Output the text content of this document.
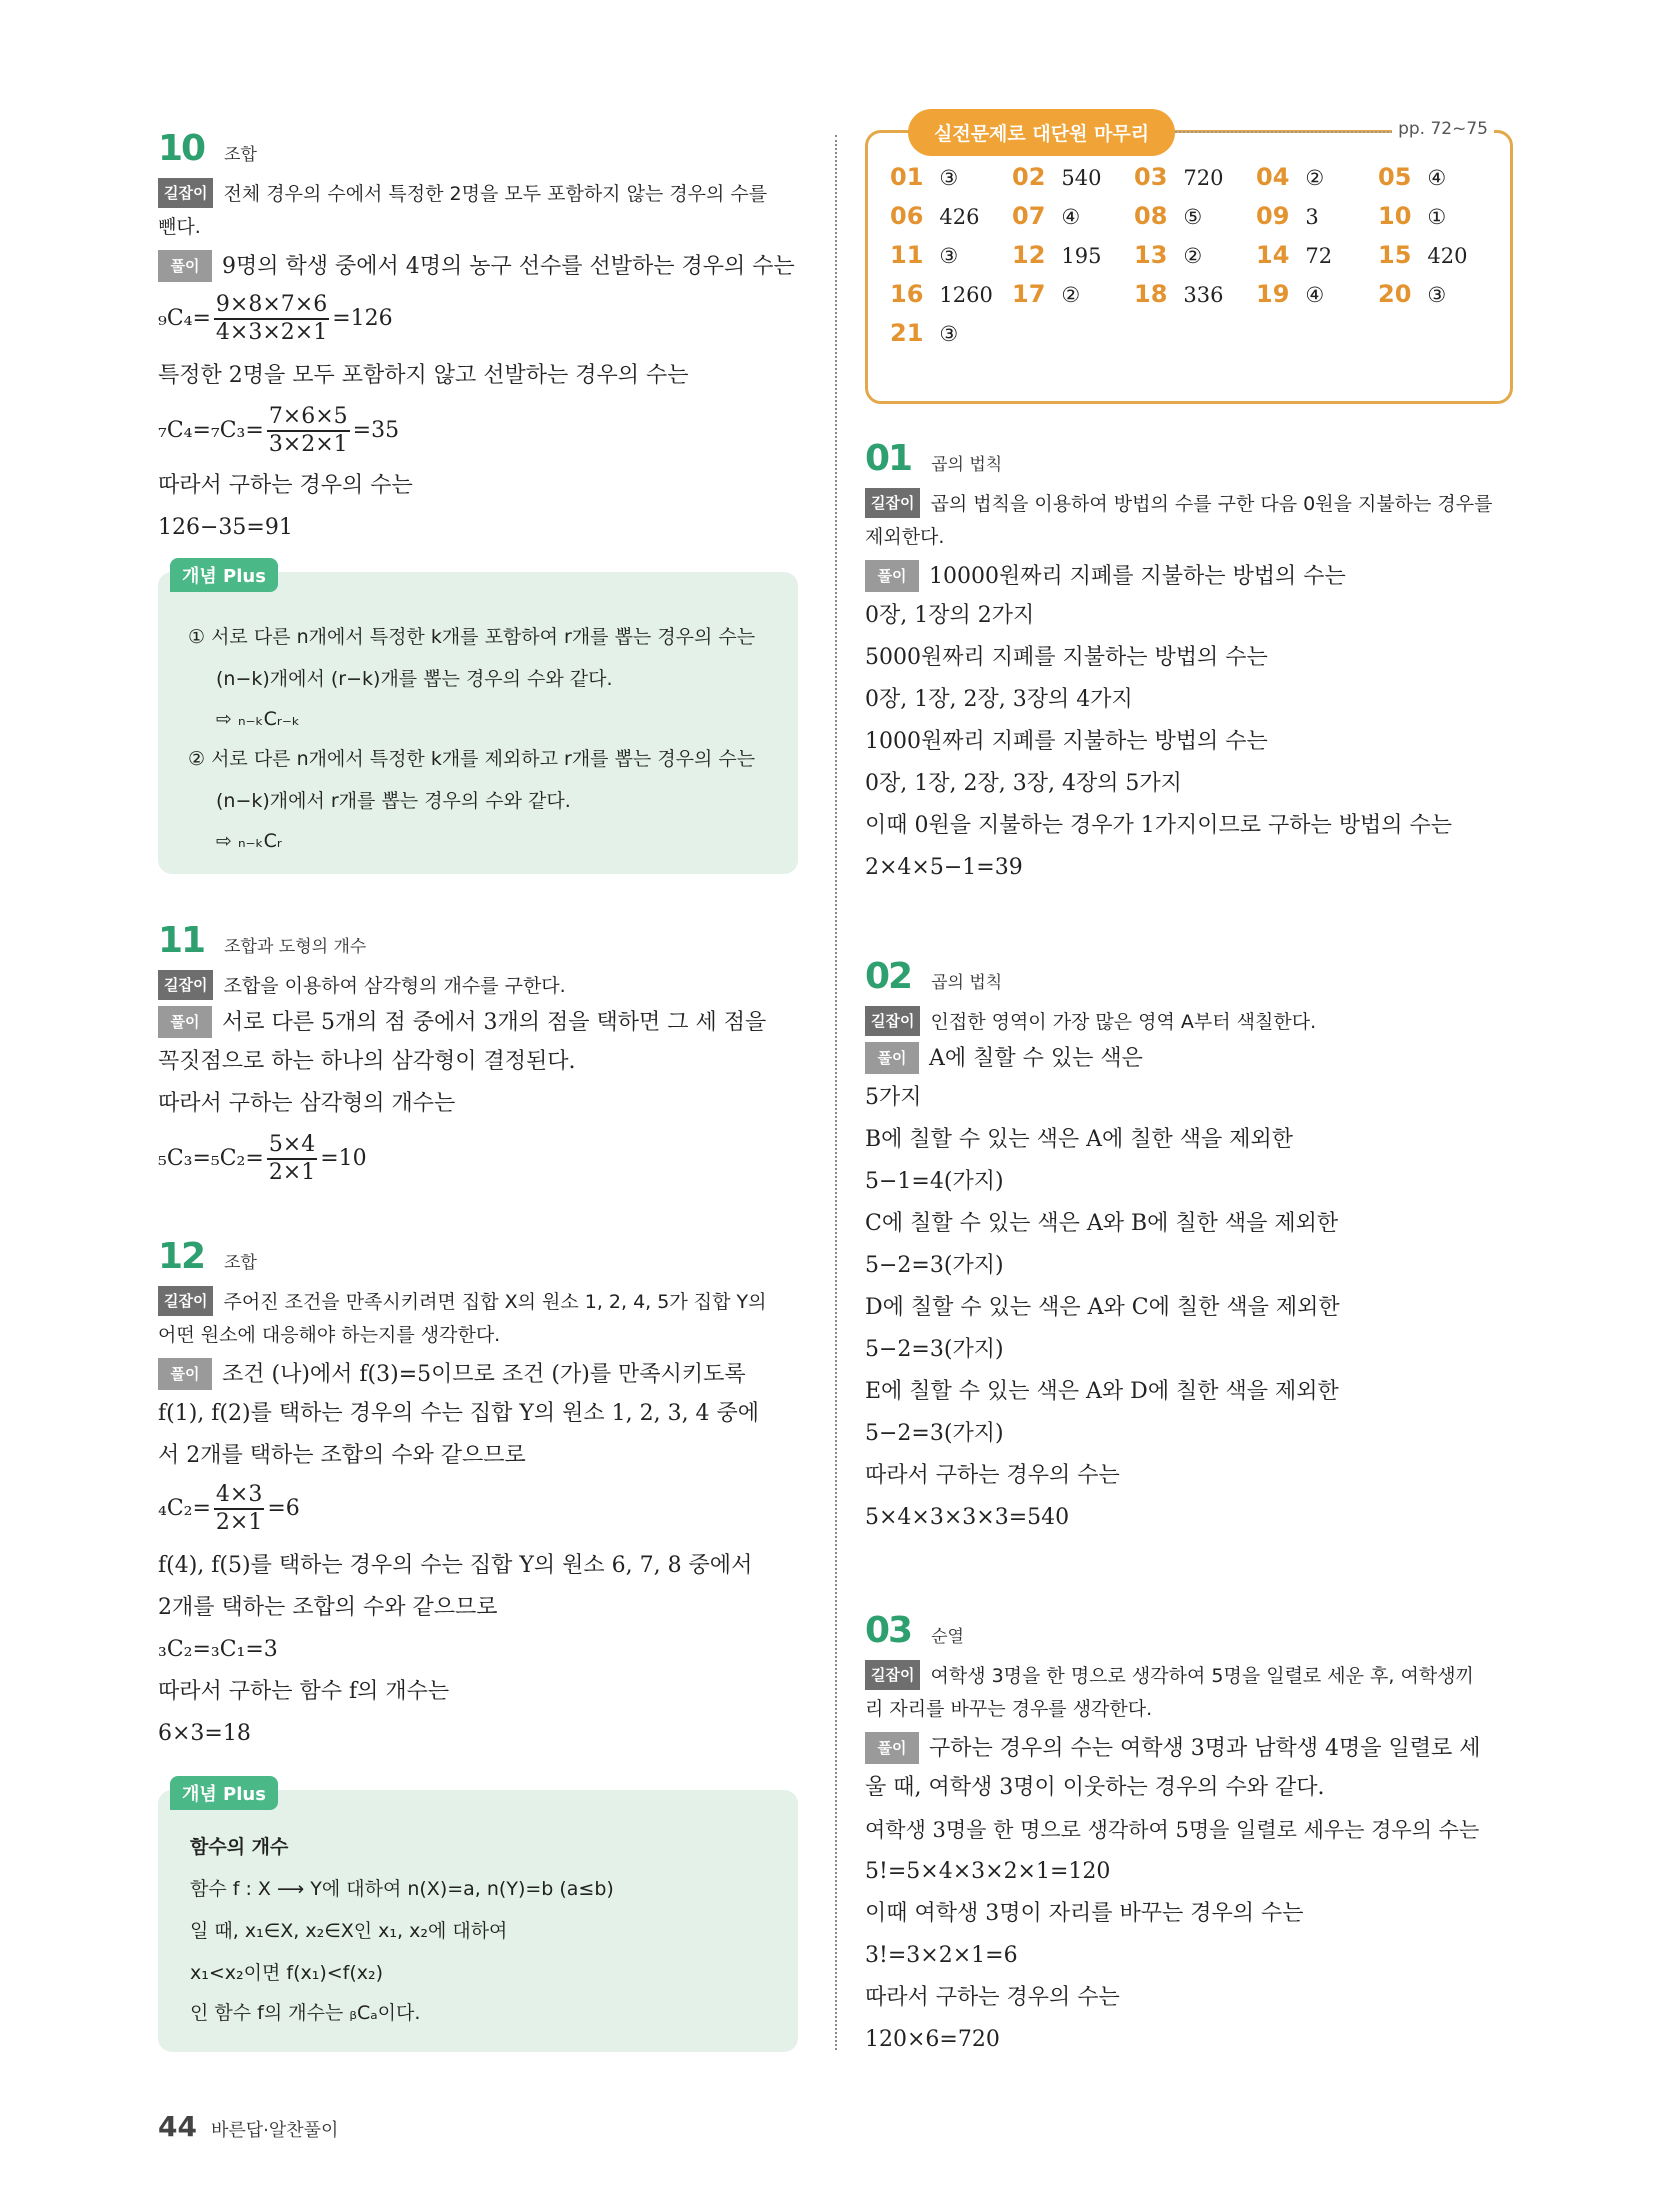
10 조합
길잡이 전체 경우의 수에서 특정한 2명을 모두 포함하지 않는 경우의 수를
뺀다.
풀이 9명의 학생 중에서 4명의 농구 선수를 선발하는 경우의 수는
$_9C_4= \frac{9\times 8\times 7\times 6}{4\times 3\times 2\times 1} =126$
특정한 2명을 모두 포함하지 않고 선발하는 경우의 수는
$_7C_4=_7C_3= \frac{7\times 6\times 5}{3\times 2\times 1} =35$
따라서 구하는 경우의 수는
126−35=91
개념 Plus
① 서로 다른 n개에서 특정한 k개를 포함하여 r개를 뽑는 경우의 수는
(n−k)개에서 (r−k)개를 뽑는 경우의 수와 같다.
⇨ ₙ₋ₖCᵣ₋ₖ
② 서로 다른 n개에서 특정한 k개를 제외하고 r개를 뽑는 경우의 수는
(n−k)개에서 r개를 뽑는 경우의 수와 같다.
⇨ ₙ₋ₖCᵣ
11 조합과 도형의 개수
길잡이 조합을 이용하여 삼각형의 개수를 구한다.
풀이 서로 다른 5개의 점 중에서 3개의 점을 택하면 그 세 점을
꼭짓점으로 하는 하나의 삼각형이 결정된다.
따라서 구하는 삼각형의 개수는
$_5C_3=_5C_2= \frac{5\times 4}{2\times 1} =10$
12 조합
길잡이 주어진 조건을 만족시키려면 집합 X의 원소 1, 2, 4, 5가 집합 Y의
어떤 원소에 대응해야 하는지를 생각한다.
풀이 조건 (나)에서 f(3)=5이므로 조건 (가)를 만족시키도록
f(1), f(2)를 택하는 경우의 수는 집합 Y의 원소 1, 2, 3, 4 중에
서 2개를 택하는 조합의 수와 같으므로
$_4C_2= \frac{4\times 3}{2\times 1} =6$
f(4), f(5)를 택하는 경우의 수는 집합 Y의 원소 6, 7, 8 중에서
2개를 택하는 조합의 수와 같으므로
₃C₂=₃C₁=3
따라서 구하는 함수 f의 개수는
6×3=18
개념 Plus
함수의 개수
함수 f : X ⟶ Y에 대하여 n(X)=a, n(Y)=b (a≤b)
일 때, x₁∈X, x₂∈X인 x₁, x₂에 대하여
x₁<x₂이면 f(x₁)<f(x₂)
인 함수 f의 개수는 ᵦCₐ이다.
실전문제로 대단원 마무리	pp. 72~75
01 ③	02 540	03 720	04 ②	05 ④
06 426	07 ④	08 ⑤	09 3	10 ①
11 ③	12 195	13 ②	14 72	15 420
16 1260 17 ②	18 336	19 ④	20 ③
21 ③
01 곱의 법칙
길잡이 곱의 법칙을 이용하여 방법의 수를 구한 다음 0원을 지불하는 경우를
제외한다.
풀이 10000원짜리 지폐를 지불하는 방법의 수는
0장, 1장의 2가지
5000원짜리 지폐를 지불하는 방법의 수는
0장, 1장, 2장, 3장의 4가지
1000원짜리 지폐를 지불하는 방법의 수는
0장, 1장, 2장, 3장, 4장의 5가지
이때 0원을 지불하는 경우가 1가지이므로 구하는 방법의 수는
2×4×5−1=39
02 곱의 법칙
길잡이 인접한 영역이 가장 많은 영역 A부터 색칠한다.
풀이 A에 칠할 수 있는 색은
5가지
B에 칠할 수 있는 색은 A에 칠한 색을 제외한
5−1=4(가지)
C에 칠할 수 있는 색은 A와 B에 칠한 색을 제외한
5−2=3(가지)
D에 칠할 수 있는 색은 A와 C에 칠한 색을 제외한
5−2=3(가지)
E에 칠할 수 있는 색은 A와 D에 칠한 색을 제외한
5−2=3(가지)
따라서 구하는 경우의 수는
5×4×3×3×3=540
03 순열
길잡이 여학생 3명을 한 명으로 생각하여 5명을 일렬로 세운 후, 여학생끼
리 자리를 바꾸는 경우를 생각한다.
풀이 구하는 경우의 수는 여학생 3명과 남학생 4명을 일렬로 세
울 때, 여학생 3명이 이웃하는 경우의 수와 같다.
여학생 3명을 한 명으로 생각하여 5명을 일렬로 세우는 경우의 수는
5!=5×4×3×2×1=120
이때 여학생 3명이 자리를 바꾸는 경우의 수는
3!=3×2×1=6
따라서 구하는 경우의 수는
120×6=720
44 바른답·알찬풀이
